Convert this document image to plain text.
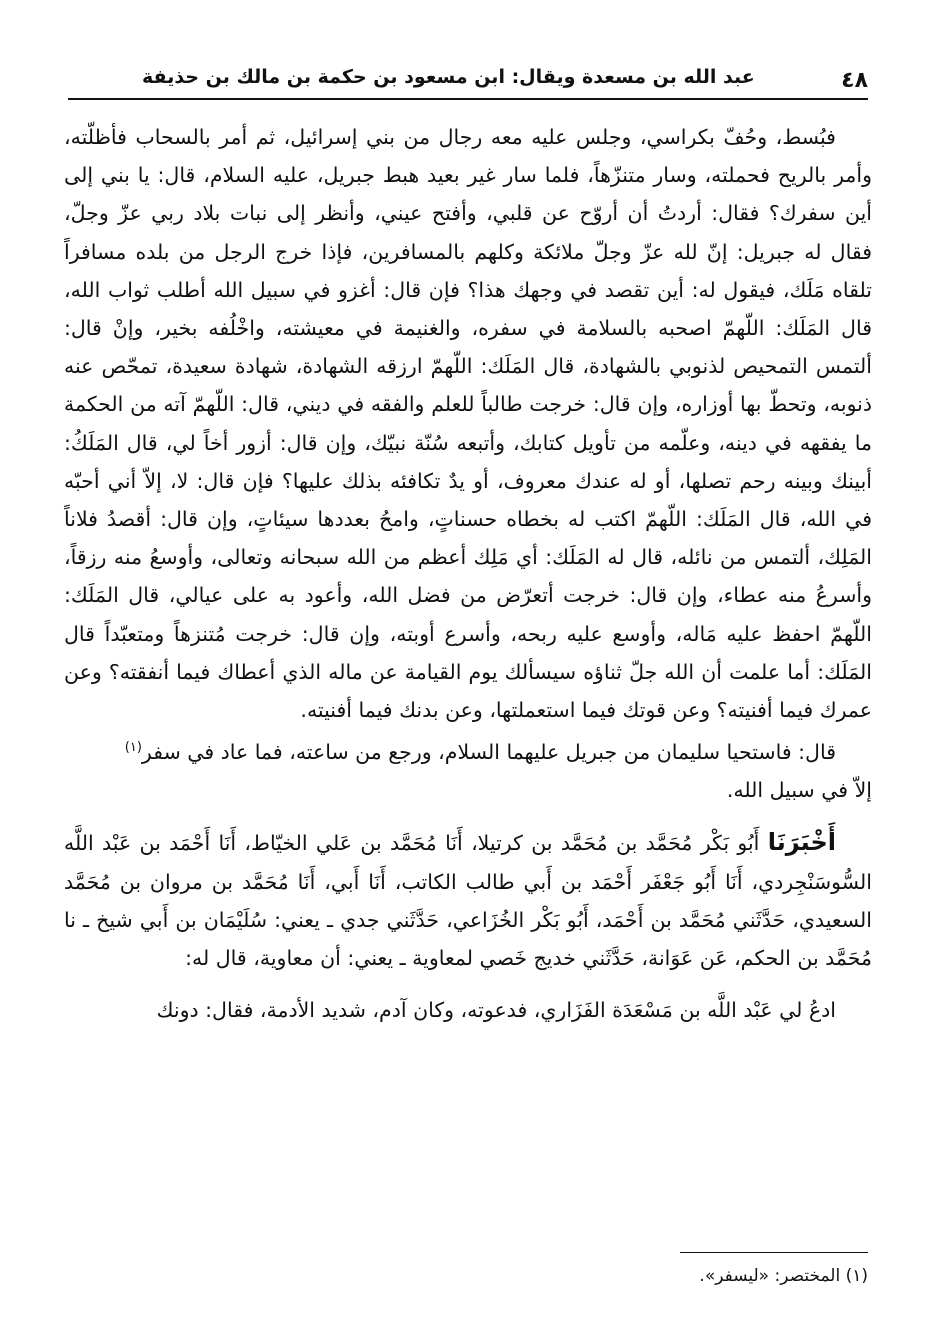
عبد الله بن مسعدة ويقال: ابن مسعود بن حكمة بن مالك بن حذيفة	٤٨

فبُسط، وحُفّ بكراسي، وجلس عليه معه رجال من بني إسرائيل، ثم أمر بالسحاب فأظلّته، وأمر بالريح فحملته، وسار متنزّهاً، فلما سار غير بعيد هبط جبريل، عليه السلام، قال: يا بني إلى أين سفرك؟ فقال: أردتُ أن أروّح عن قلبي، وأفتح عيني، وأنظر إلى نبات بلاد ربي عزّ وجلّ، فقال له جبريل: إنّ لله عزّ وجلّ ملائكة وكلهم بالمسافرين، فإذا خرج الرجل من بلده مسافراً تلقاه مَلَك، فيقول له: أين تقصد في وجهك هذا؟ فإن قال: أغزو في سبيل الله أطلب ثواب الله، قال المَلَك: اللّهمّ اصحبه بالسلامة في سفره، والغنيمة في معيشته، واخْلُفه بخير، وإنْ قال: ألتمس التمحيص لذنوبي بالشهادة، قال المَلَك: اللّهمّ ارزقه الشهادة، شهادة سعيدة، تمحّص عنه ذنوبه، وتحطّ بها أوزاره، وإن قال: خرجت طالباً للعلم والفقه في ديني، قال: اللّهمّ آته من الحكمة ما يفقهه في دينه، وعلّمه من تأويل كتابك، وأتبعه سُنّة نبيّك، وإن قال: أزور أخاً لي، قال المَلَكُ: أبينك وبينه رحم تصلها، أو له عندك معروف، أو يدٌ تكافئه بذلك عليها؟ فإن قال: لا، إلاّ أني أحبّه في الله، قال المَلَك: اللّهمّ اكتب له بخطاه حسناتٍ، وامحُ بعددها سيئاتٍ، وإن قال: أقصدُ فلاناً المَلِك، ألتمس من نائله، قال له المَلَك: أي مَلِك أعظم من الله سبحانه وتعالى، وأوسعُ منه رزقاً، وأسرعُ منه عطاء، وإن قال: خرجت أتعرّض من فضل الله، وأعود به على عيالي، قال المَلَك: اللّهمّ احفظ عليه مَاله، وأوسع عليه ربحه، وأسرع أوبته، وإن قال: خرجت مُتنزهاً ومتعبّداً قال المَلَك: أما علمت أن الله جلّ ثناؤه سيسألك يوم القيامة عن ماله الذي أعطاك فيما أنفقته؟ وعن عمرك فيما أفنيته؟ وعن قوتك فيما استعملتها، وعن بدنك فيما أفنيته.

قال: فاستحيا سليمان من جبريل عليهما السلام، ورجع من ساعته، فما عاد في سفر$^{(١)}$

إلاّ في سبيل الله.

أَخْبَرَنَا أَبُو بَكْر مُحَمَّد بن مُحَمَّد بن كرتيلا، أَنَا مُحَمَّد بن عَلي الخيّاط، أَنَا أَحْمَد بن عَبْد اللَّه السُّوسَنْجِردي، أَنَا أَبُو جَعْفَر أَحْمَد بن أَبي طالب الكاتب، أَنَا أَبي، أَنَا مُحَمَّد بن مروان بن مُحَمَّد السعيدي، حَدَّثَني مُحَمَّد بن أَحْمَد، أَبُو بَكْر الخُزَاعي، حَدَّثَني جدي ـ يعني: سُلَيْمَان بن أَبي شيخ ـ نا مُحَمَّد بن الحكم، عَن عَوَانة، حَدَّثَني خديج خَصي لمعاوية ـ يعني: أن معاوية، قال له:

ادعُ لي عَبْد اللَّه بن مَسْعَدَة الفَزَاري، فدعوته، وكان آدم، شديد الأدمة، فقال: دونك

(١) المختصر: «ليسفر».
